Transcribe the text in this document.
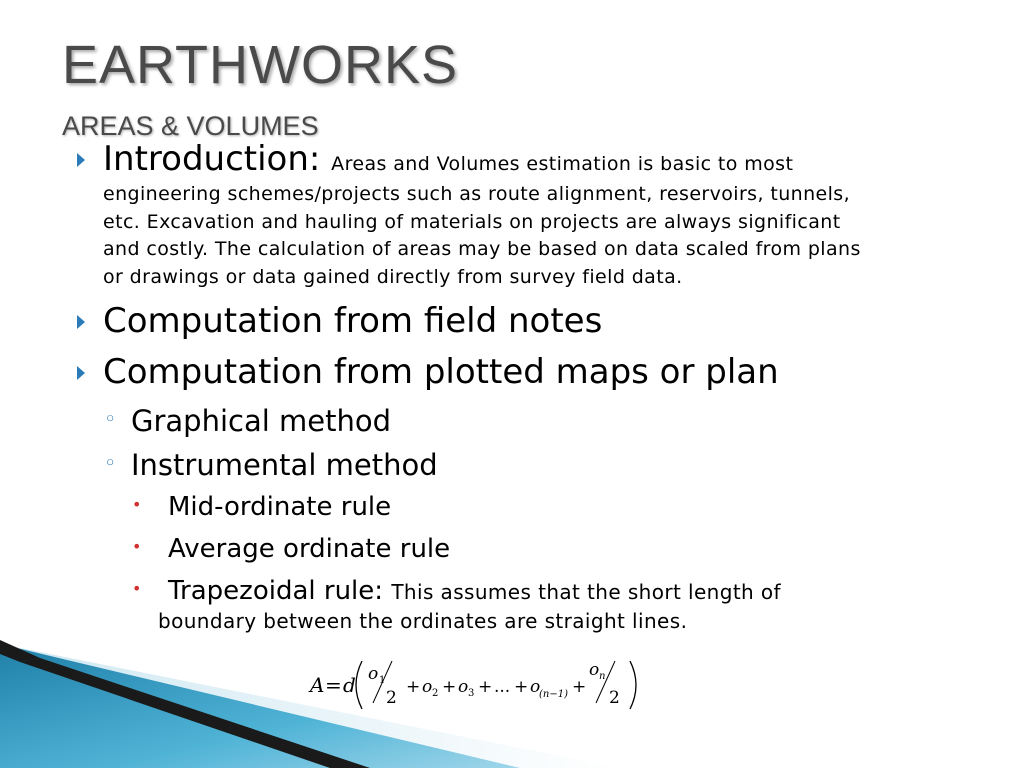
EARTHWORKS
AREAS & VOLUMES
Introduction: Areas and Volumes estimation is basic to most
engineering schemes/projects such as route alignment, reservoirs, tunnels,
etc. Excavation and hauling of materials on projects are always significant
and costly. The calculation of areas may be based on data scaled from plans
or drawings or data gained directly from survey field data.
Computation from field notes
Computation from plotted maps or plan
◦ Graphical method
◦ Instrumental method
• Mid-ordinate rule
• Average ordinate rule
• Trapezoidal rule: This assumes that the short length of
boundary between the ordinates are straight lines.
A = d o 1
2
+ o 2 + o 3 + ... + o
(n−1) +
o n
2
